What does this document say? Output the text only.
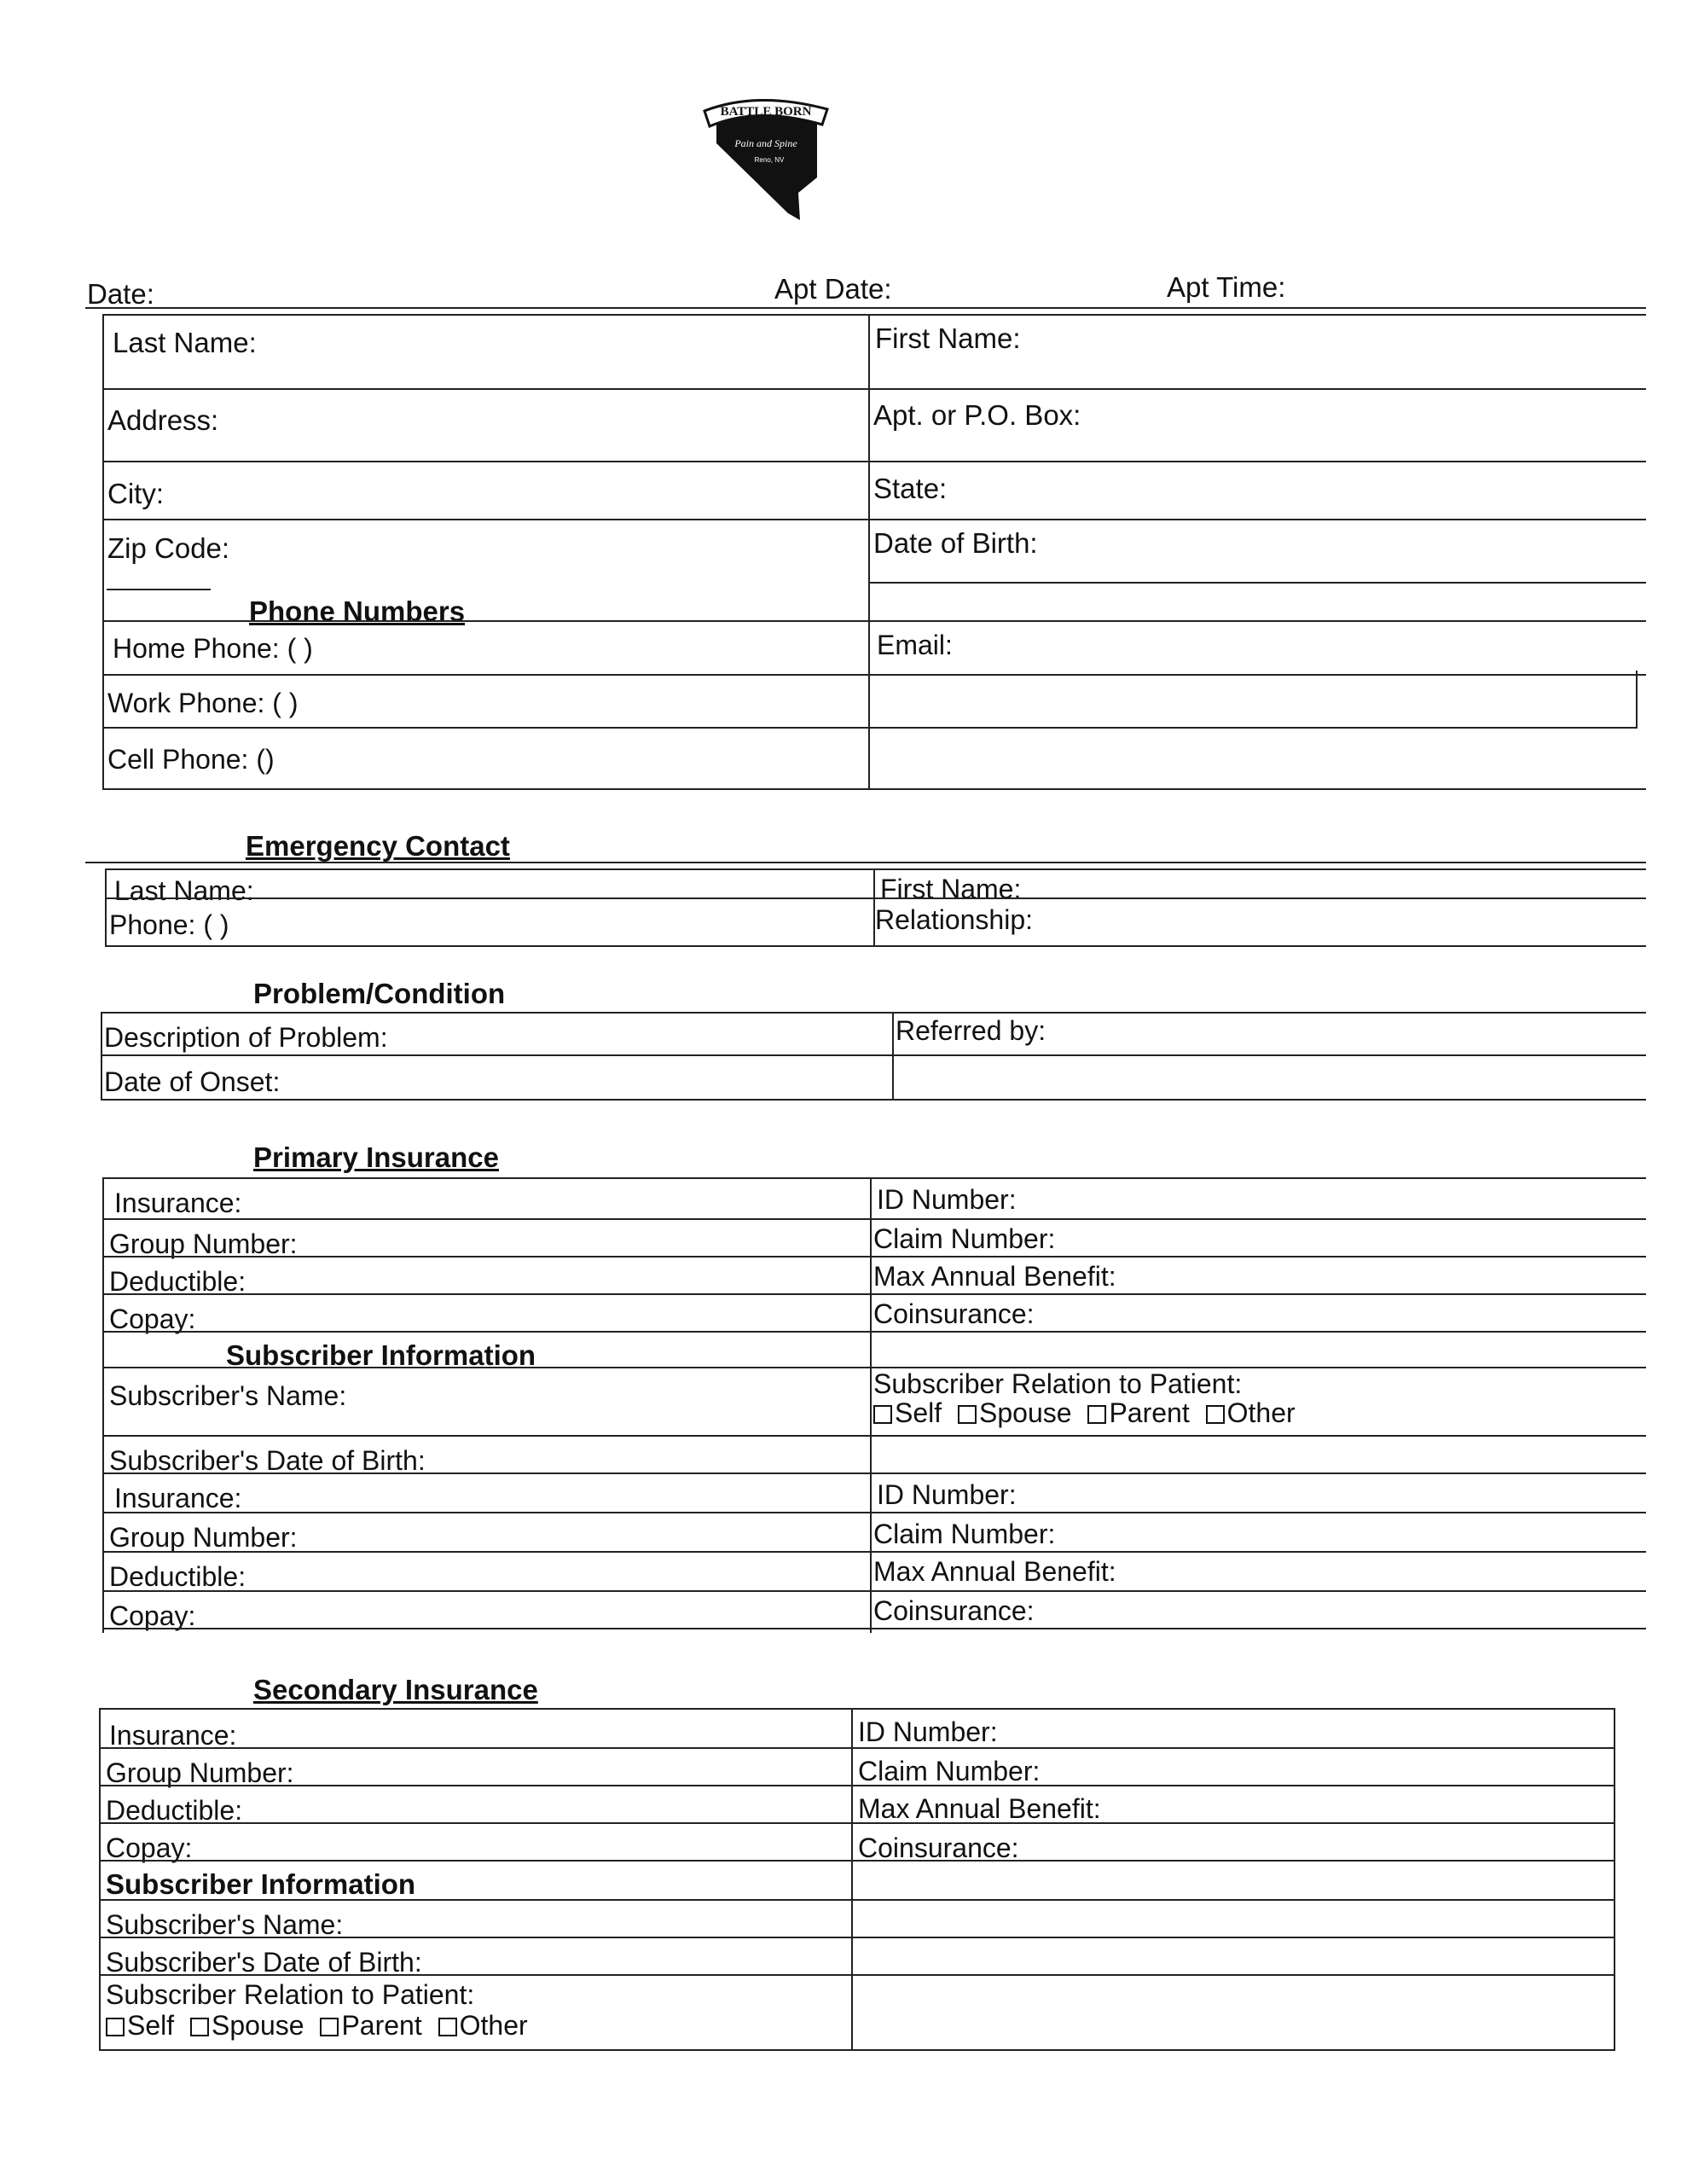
BATTLE BORN
Pain and Spine
Reno, NV
Date:	Apt Date:	Apt Time:
Last Name:	First Name:
Address:	Apt. or P.O. Box:
City:	State:
Zip Code:	Date of Birth:
Phone Numbers
Home Phone: ( )	Email:
Work Phone: ( )
Cell Phone: ()
Emergency Contact
Last Name:	First Name:
Phone: ( )	Relationship:
Problem/Condition
Description of Problem:	Referred by:
Date of Onset:
Primary Insurance
Insurance:	ID Number:
Group Number:	Claim Number:
Deductible:	Max Annual Benefit:
Copay:	Coinsurance:
Subscriber Information
Subscriber's Name:	Subscriber Relation to Patient:
Self Spouse Parent Other
Subscriber's Date of Birth:
Insurance:	ID Number:
Group Number:	Claim Number:
Deductible:	Max Annual Benefit:
Copay:	Coinsurance:
Secondary Insurance
Insurance:	ID Number:
Group Number:	Claim Number:
Deductible:	Max Annual Benefit:
Copay:	Coinsurance:
Subscriber Information
Subscriber's Name:
Subscriber's Date of Birth:
Subscriber Relation to Patient:
Self Spouse Parent Other
